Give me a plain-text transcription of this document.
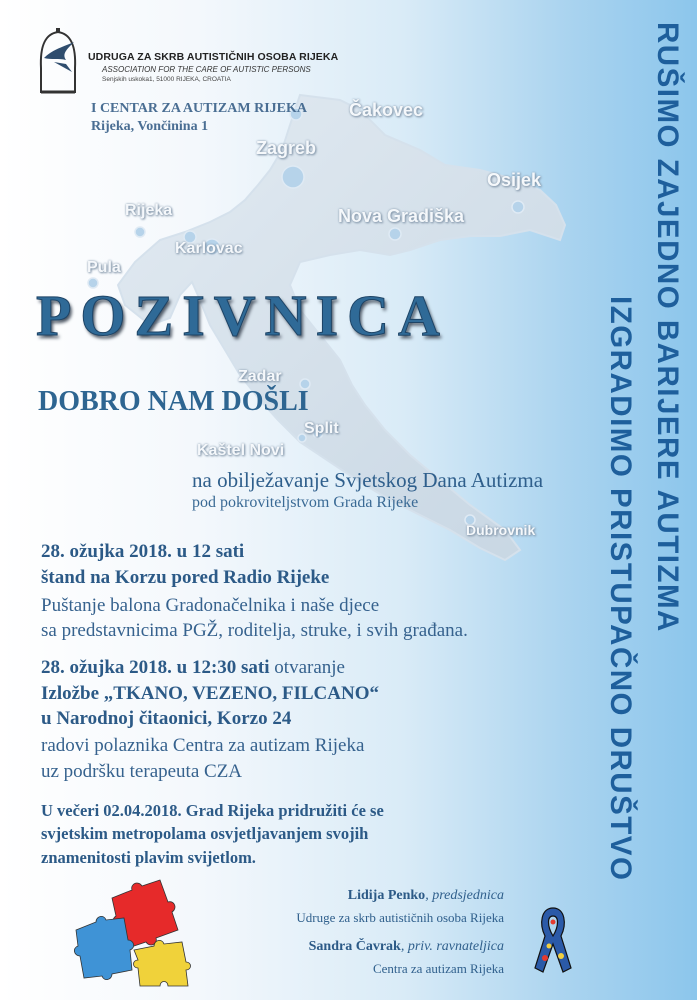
Čakovec
Zagreb
Osijek
Rijeka	Nova Gradiška
Karlovac
Pula
Zadar
Split
Kaštel Novi
Dubrovnik
UDRUGA ZA SKRB AUTISTIČNIH OSOBA RIJEKA
ASSOCIATION FOR THE CARE OF AUTISTIC PERSONS
Senjskih uskoka1, 51000 RIJEKA, CROATIA
I CENTAR ZA AUTIZAM RIJEKA
Rijeka, Vončinina 1
POZIVNICA
DOBRO NAM DOŠLI
na obilježavanje Svjetskog Dana Autizma
pod pokroviteljstvom Grada Rijeke
28. ožujka 2018. u 12 sati
štand na Korzu pored Radio Rijeke
Puštanje balona Gradonačelnika i naše djece
sa predstavnicima PGŽ, roditelja, struke, i svih građana.
28. ožujka 2018. u 12:30 sati otvaranje
Izložbe „TKANO, VEZENO, FILCANO“
u Narodnoj čitaonici, Korzo 24
radovi polaznika Centra za autizam Rijeka
uz podršku terapeuta CZA
U večeri 02.04.2018. Grad Rijeka pridružiti će se
svjetskim metropolama osvjetljavanjem svojih
znamenitosti plavim svijetlom.
Lidija Penko, predsjednica
Udruge za skrb autističnih osoba Rijeka
Sandra Čavrak, priv. ravnateljica
Centra za autizam Rijeka
RUŠIMO ZAJEDNO BARIJERE AUTIZMA
IZGRADIMO PRISTUPAČNO DRUŠTVO
